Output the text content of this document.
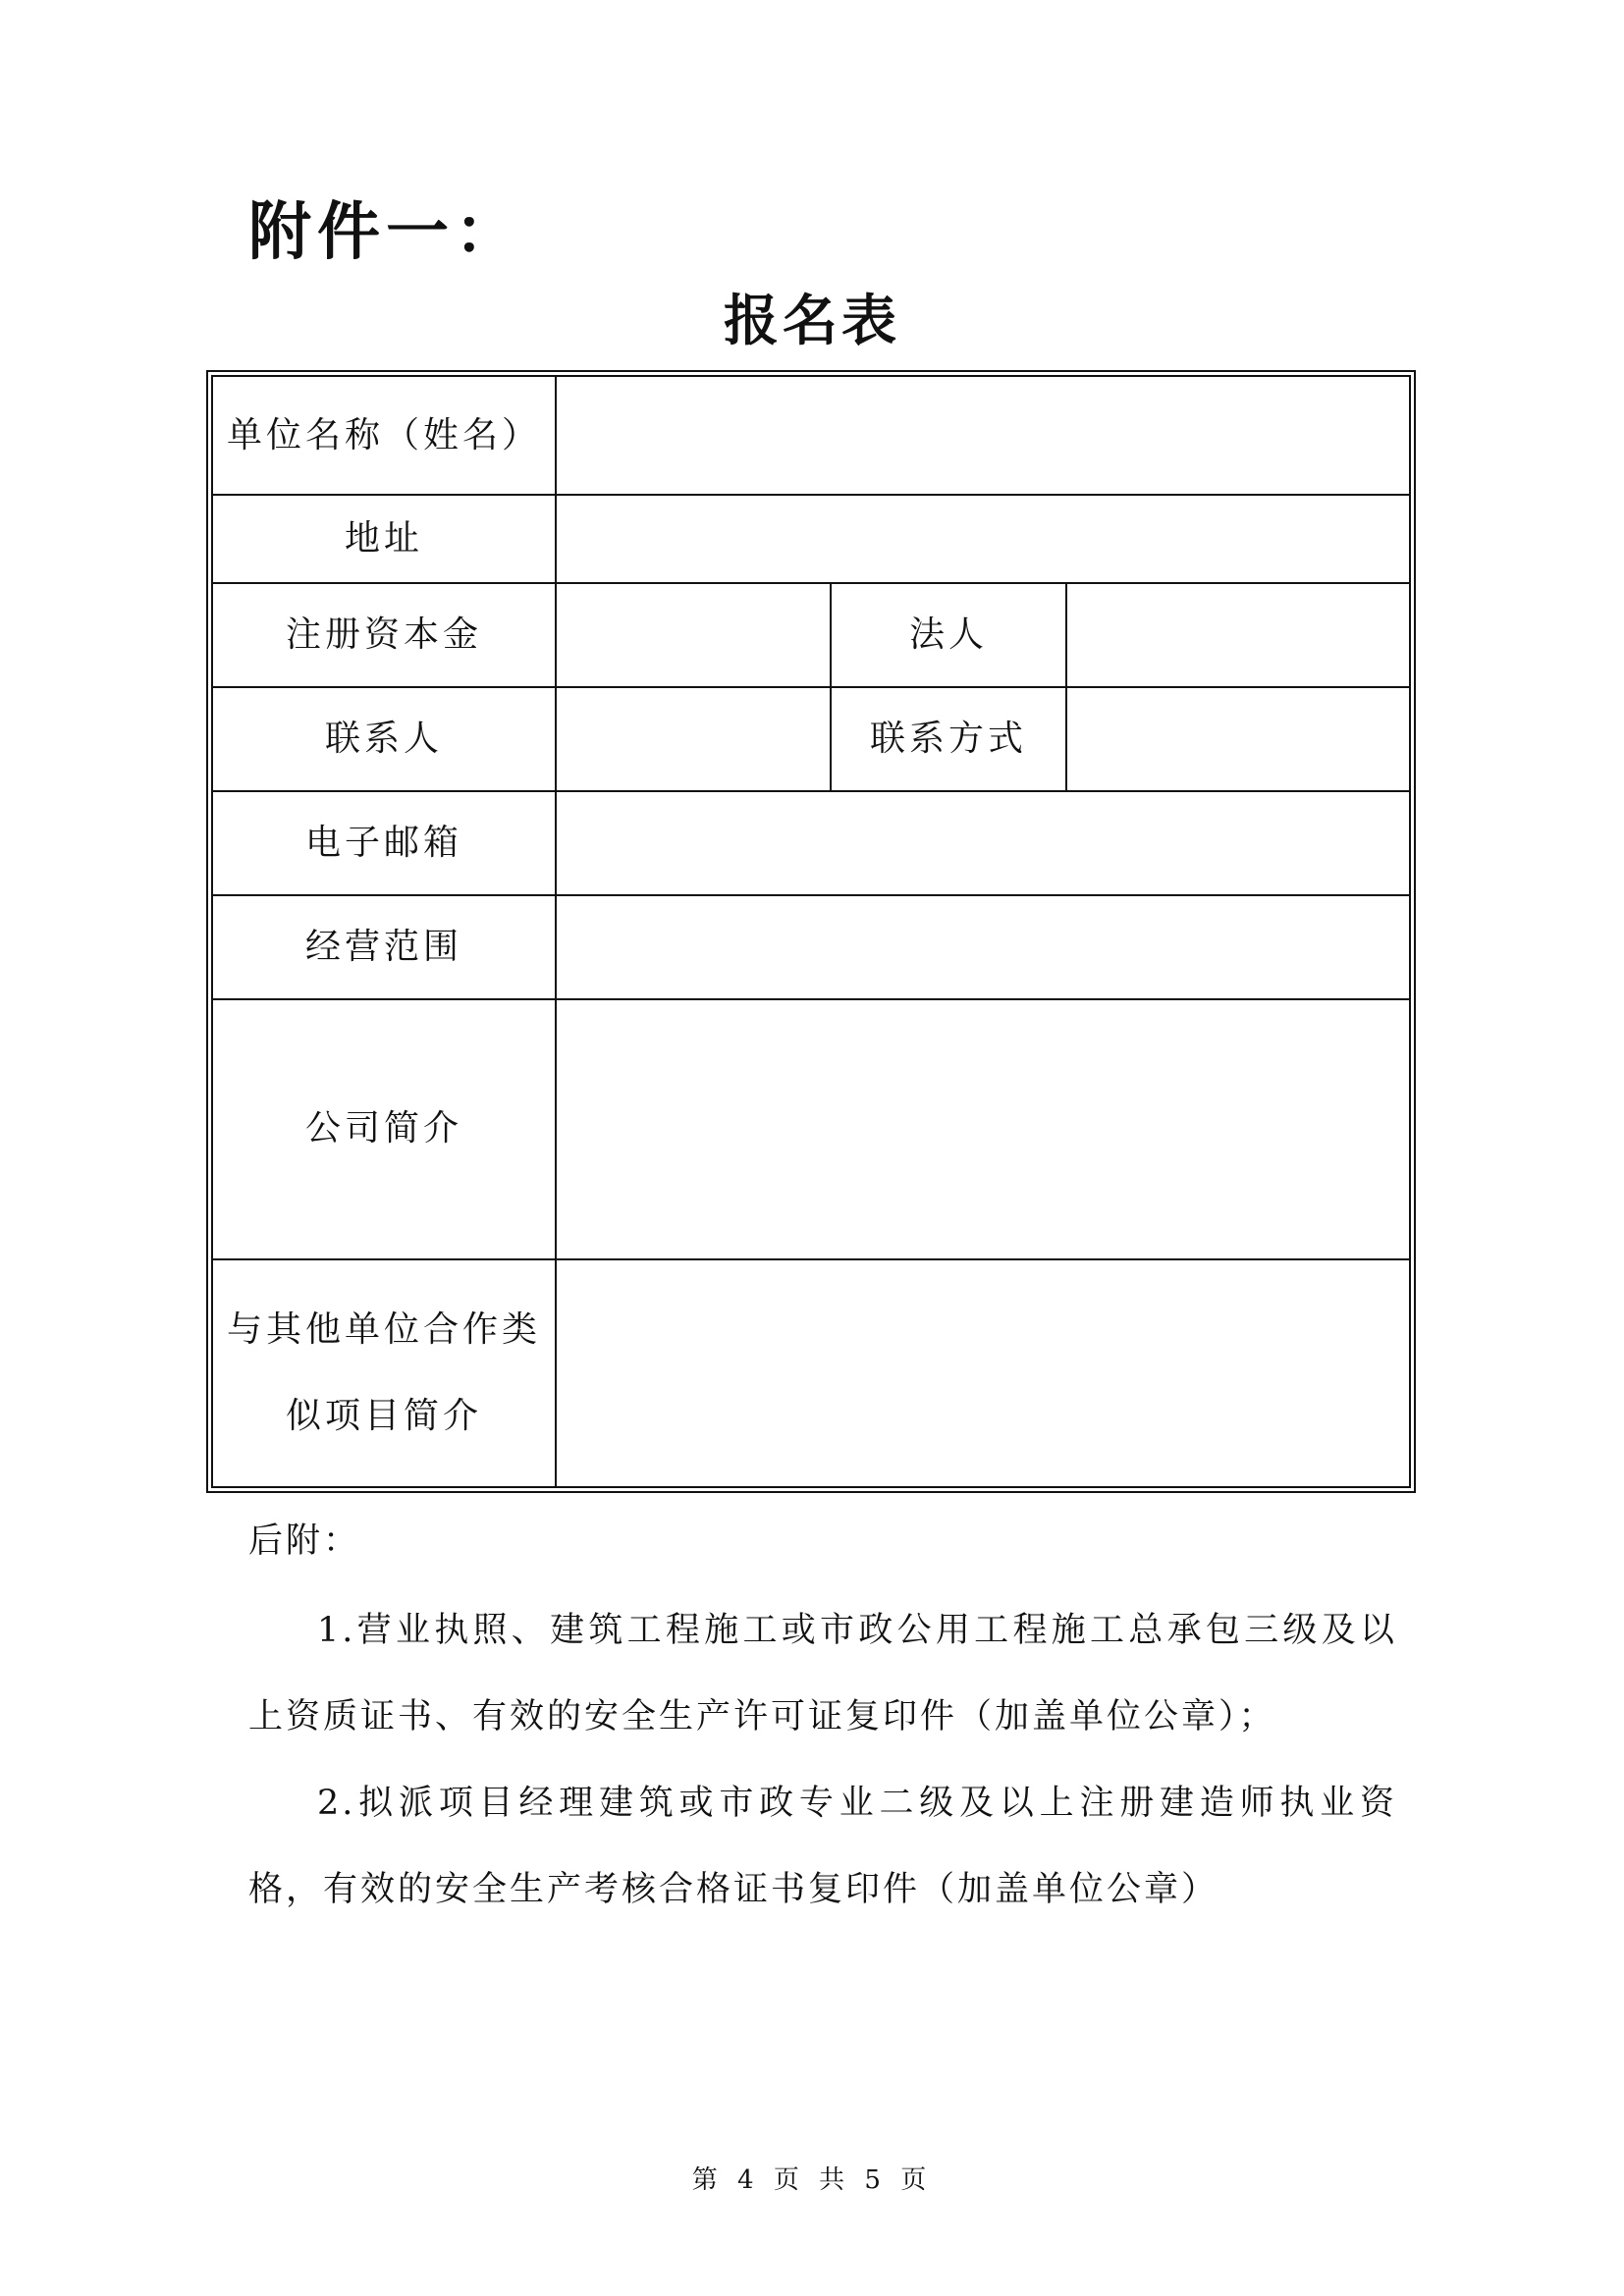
附件一：
报名表
单位名称（姓名）			
地址			
注册资本金		法人	
联系人		联系方式	
电子邮箱			
经营范围			
公司简介			
与其他单位合作类似项目简介			
后附：
1.营业执照、建筑工程施工或市政公用工程施工总承包三级及以上资质证书、有效的安全生产许可证复印件（加盖单位公章）；
2.拟派项目经理建筑或市政专业二级及以上注册建造师执业资格，有效的安全生产考核合格证书复印件（加盖单位公章）
第 4 页 共 5 页
